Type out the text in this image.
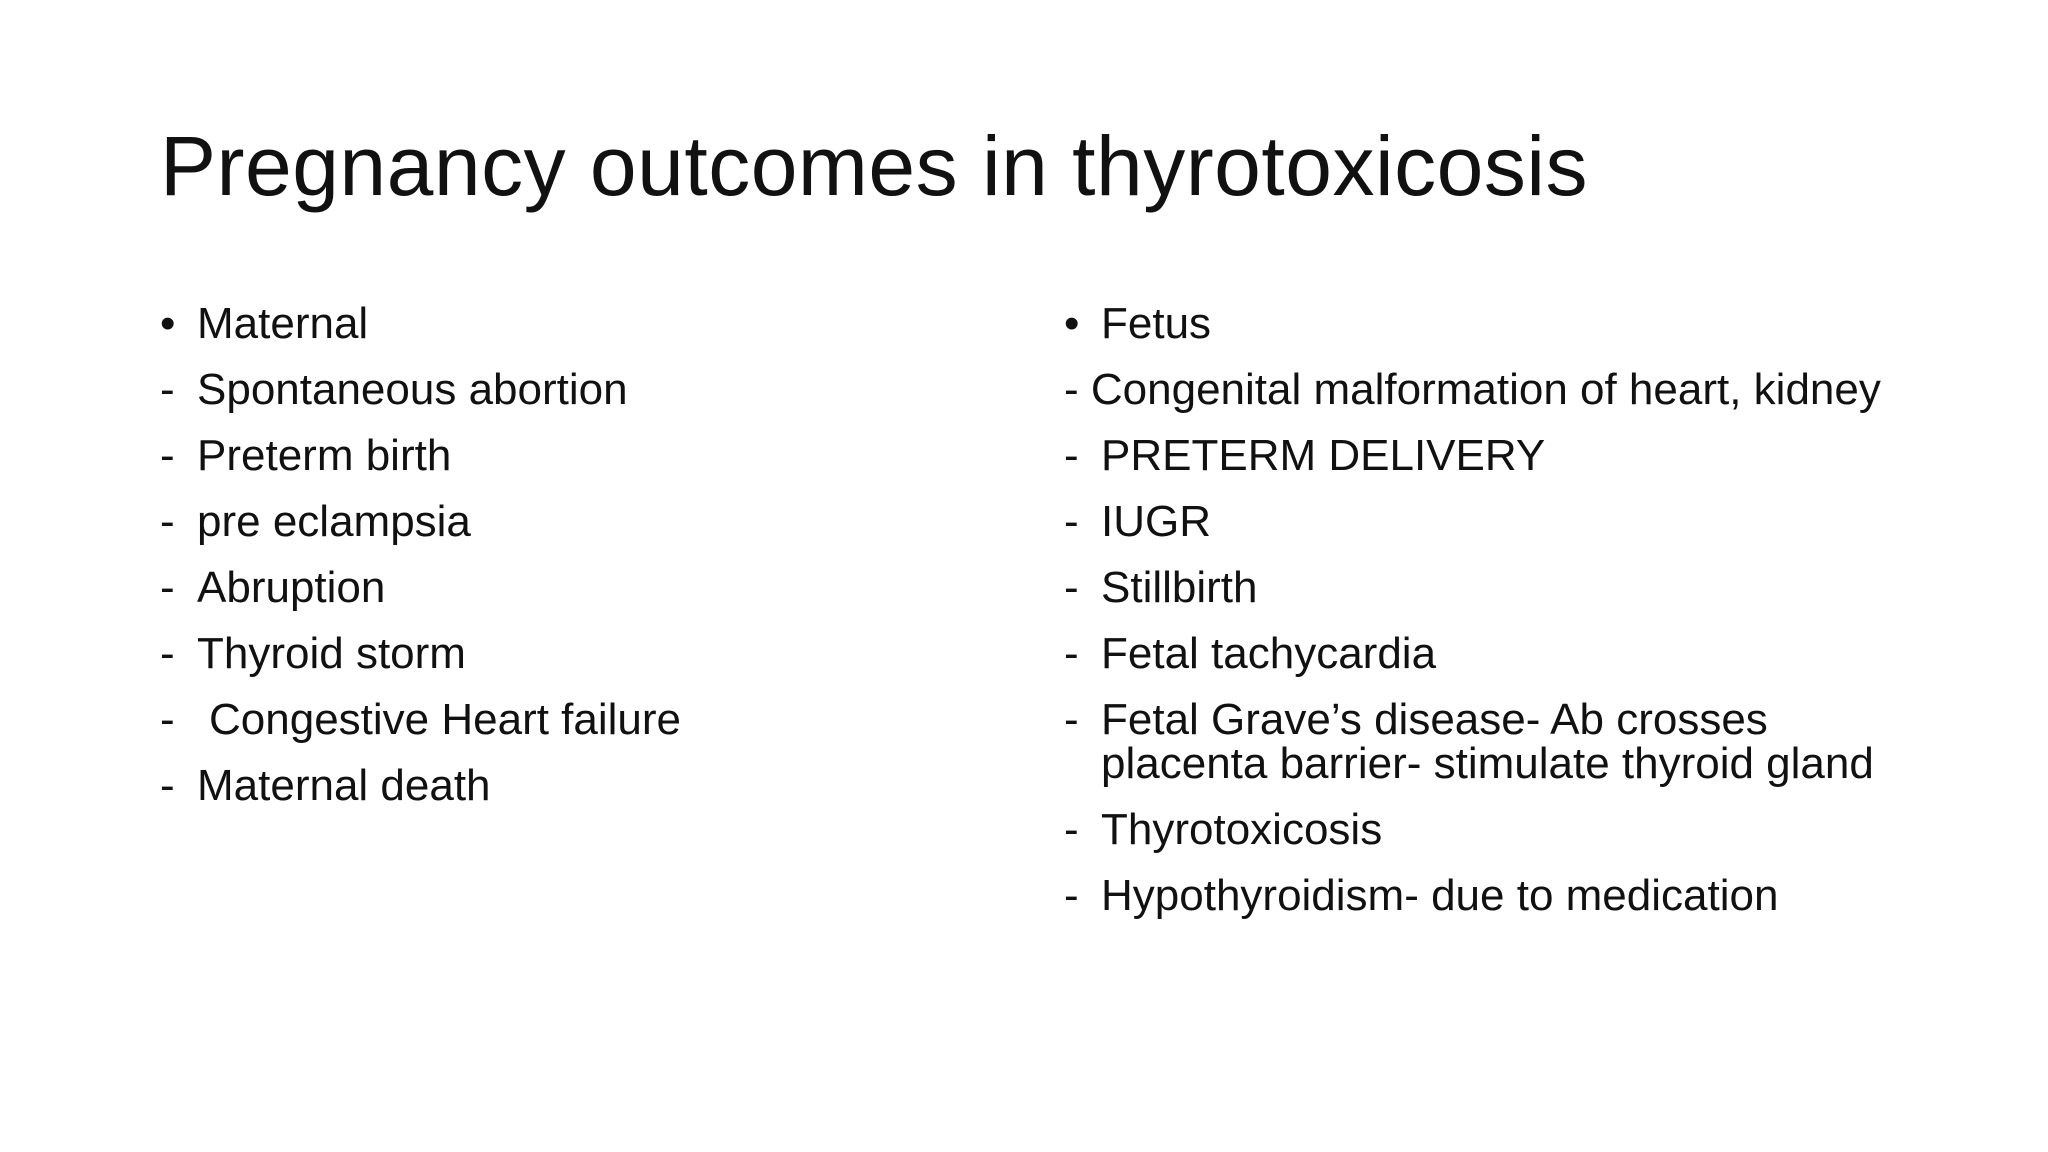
Pregnancy outcomes in thyrotoxicosis
• Maternal
- Spontaneous abortion
- Preterm birth
- pre eclampsia
- Abruption
- Thyroid storm
- Congestive Heart failure
- Maternal death
• Fetus
- Congenital malformation of heart, kidney
- PRETERM DELIVERY
- IUGR
- Stillbirth
- Fetal tachycardia
- Fetal Grave’s disease- Ab crosses placenta barrier- stimulate thyroid gland
- Thyrotoxicosis
- Hypothyroidism- due to medication
